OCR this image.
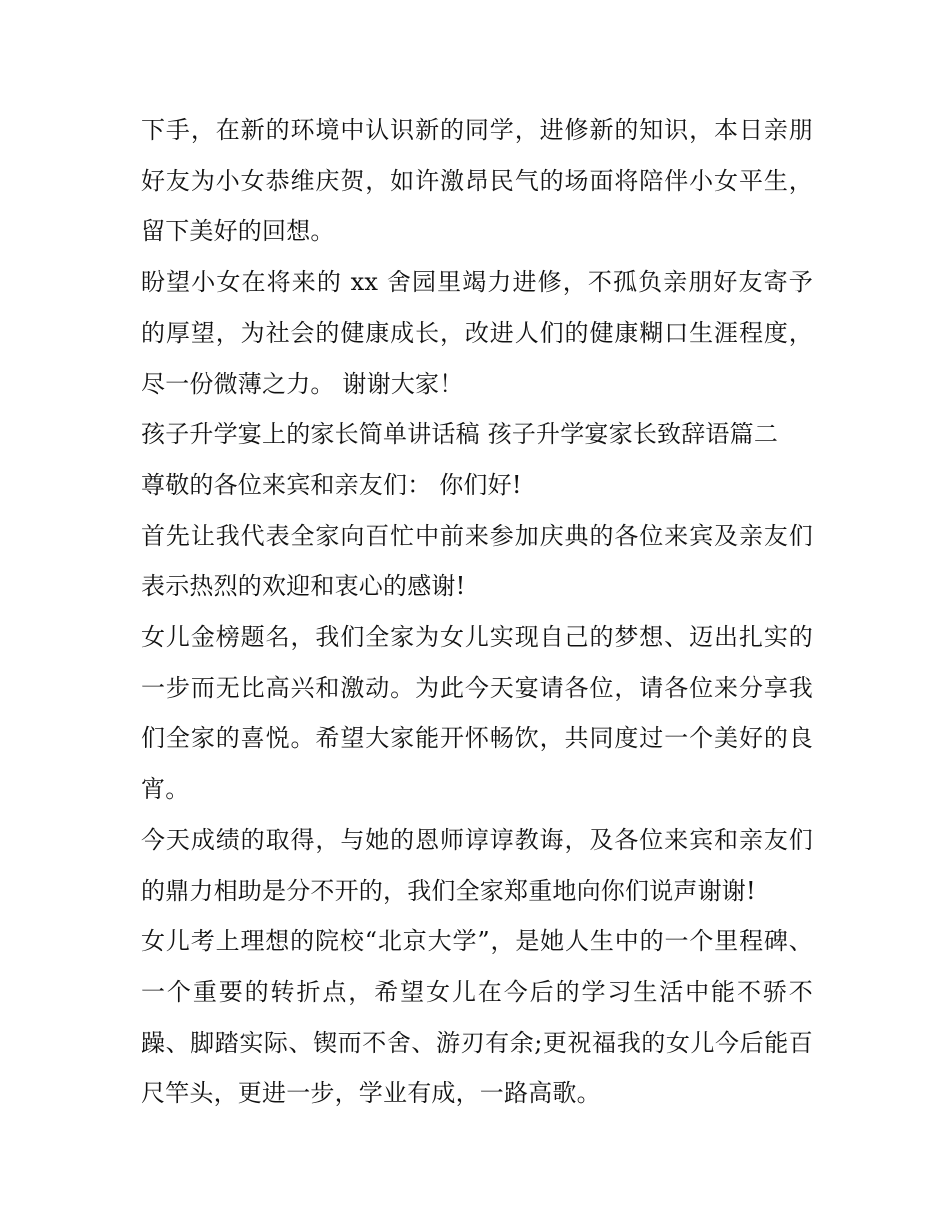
下手，在新的环境中认识新的同学，进修新的知识，本日亲朋好友为小女恭维庆贺，如许激昂民气的场面将陪伴小女平生，留下美好的回想。

盼望小女在将来的 xx 舍园里竭力进修，不孤负亲朋好友寄予的厚望，为社会的健康成长，改进人们的健康糊口生涯程度，尽一份微薄之力。 谢谢大家！

孩子升学宴上的家长简单讲话稿 孩子升学宴家长致辞语篇二

尊敬的各位来宾和亲友们： 你们好!

首先让我代表全家向百忙中前来参加庆典的各位来宾及亲友们表示热烈的欢迎和衷心的感谢!

女儿金榜题名，我们全家为女儿实现自己的梦想、迈出扎实的一步而无比高兴和激动。为此今天宴请各位，请各位来分享我们全家的喜悦。希望大家能开怀畅饮，共同度过一个美好的良宵。

今天成绩的取得，与她的恩师谆谆教诲，及各位来宾和亲友们的鼎力相助是分不开的，我们全家郑重地向你们说声谢谢!

女儿考上理想的院校“北京大学”，是她人生中的一个里程碑、一个重要的转折点，希望女儿在今后的学习生活中能不骄不躁、脚踏实际、锲而不舍、游刃有余;更祝福我的女儿今后能百尺竿头，更进一步，学业有成，一路高歌。
